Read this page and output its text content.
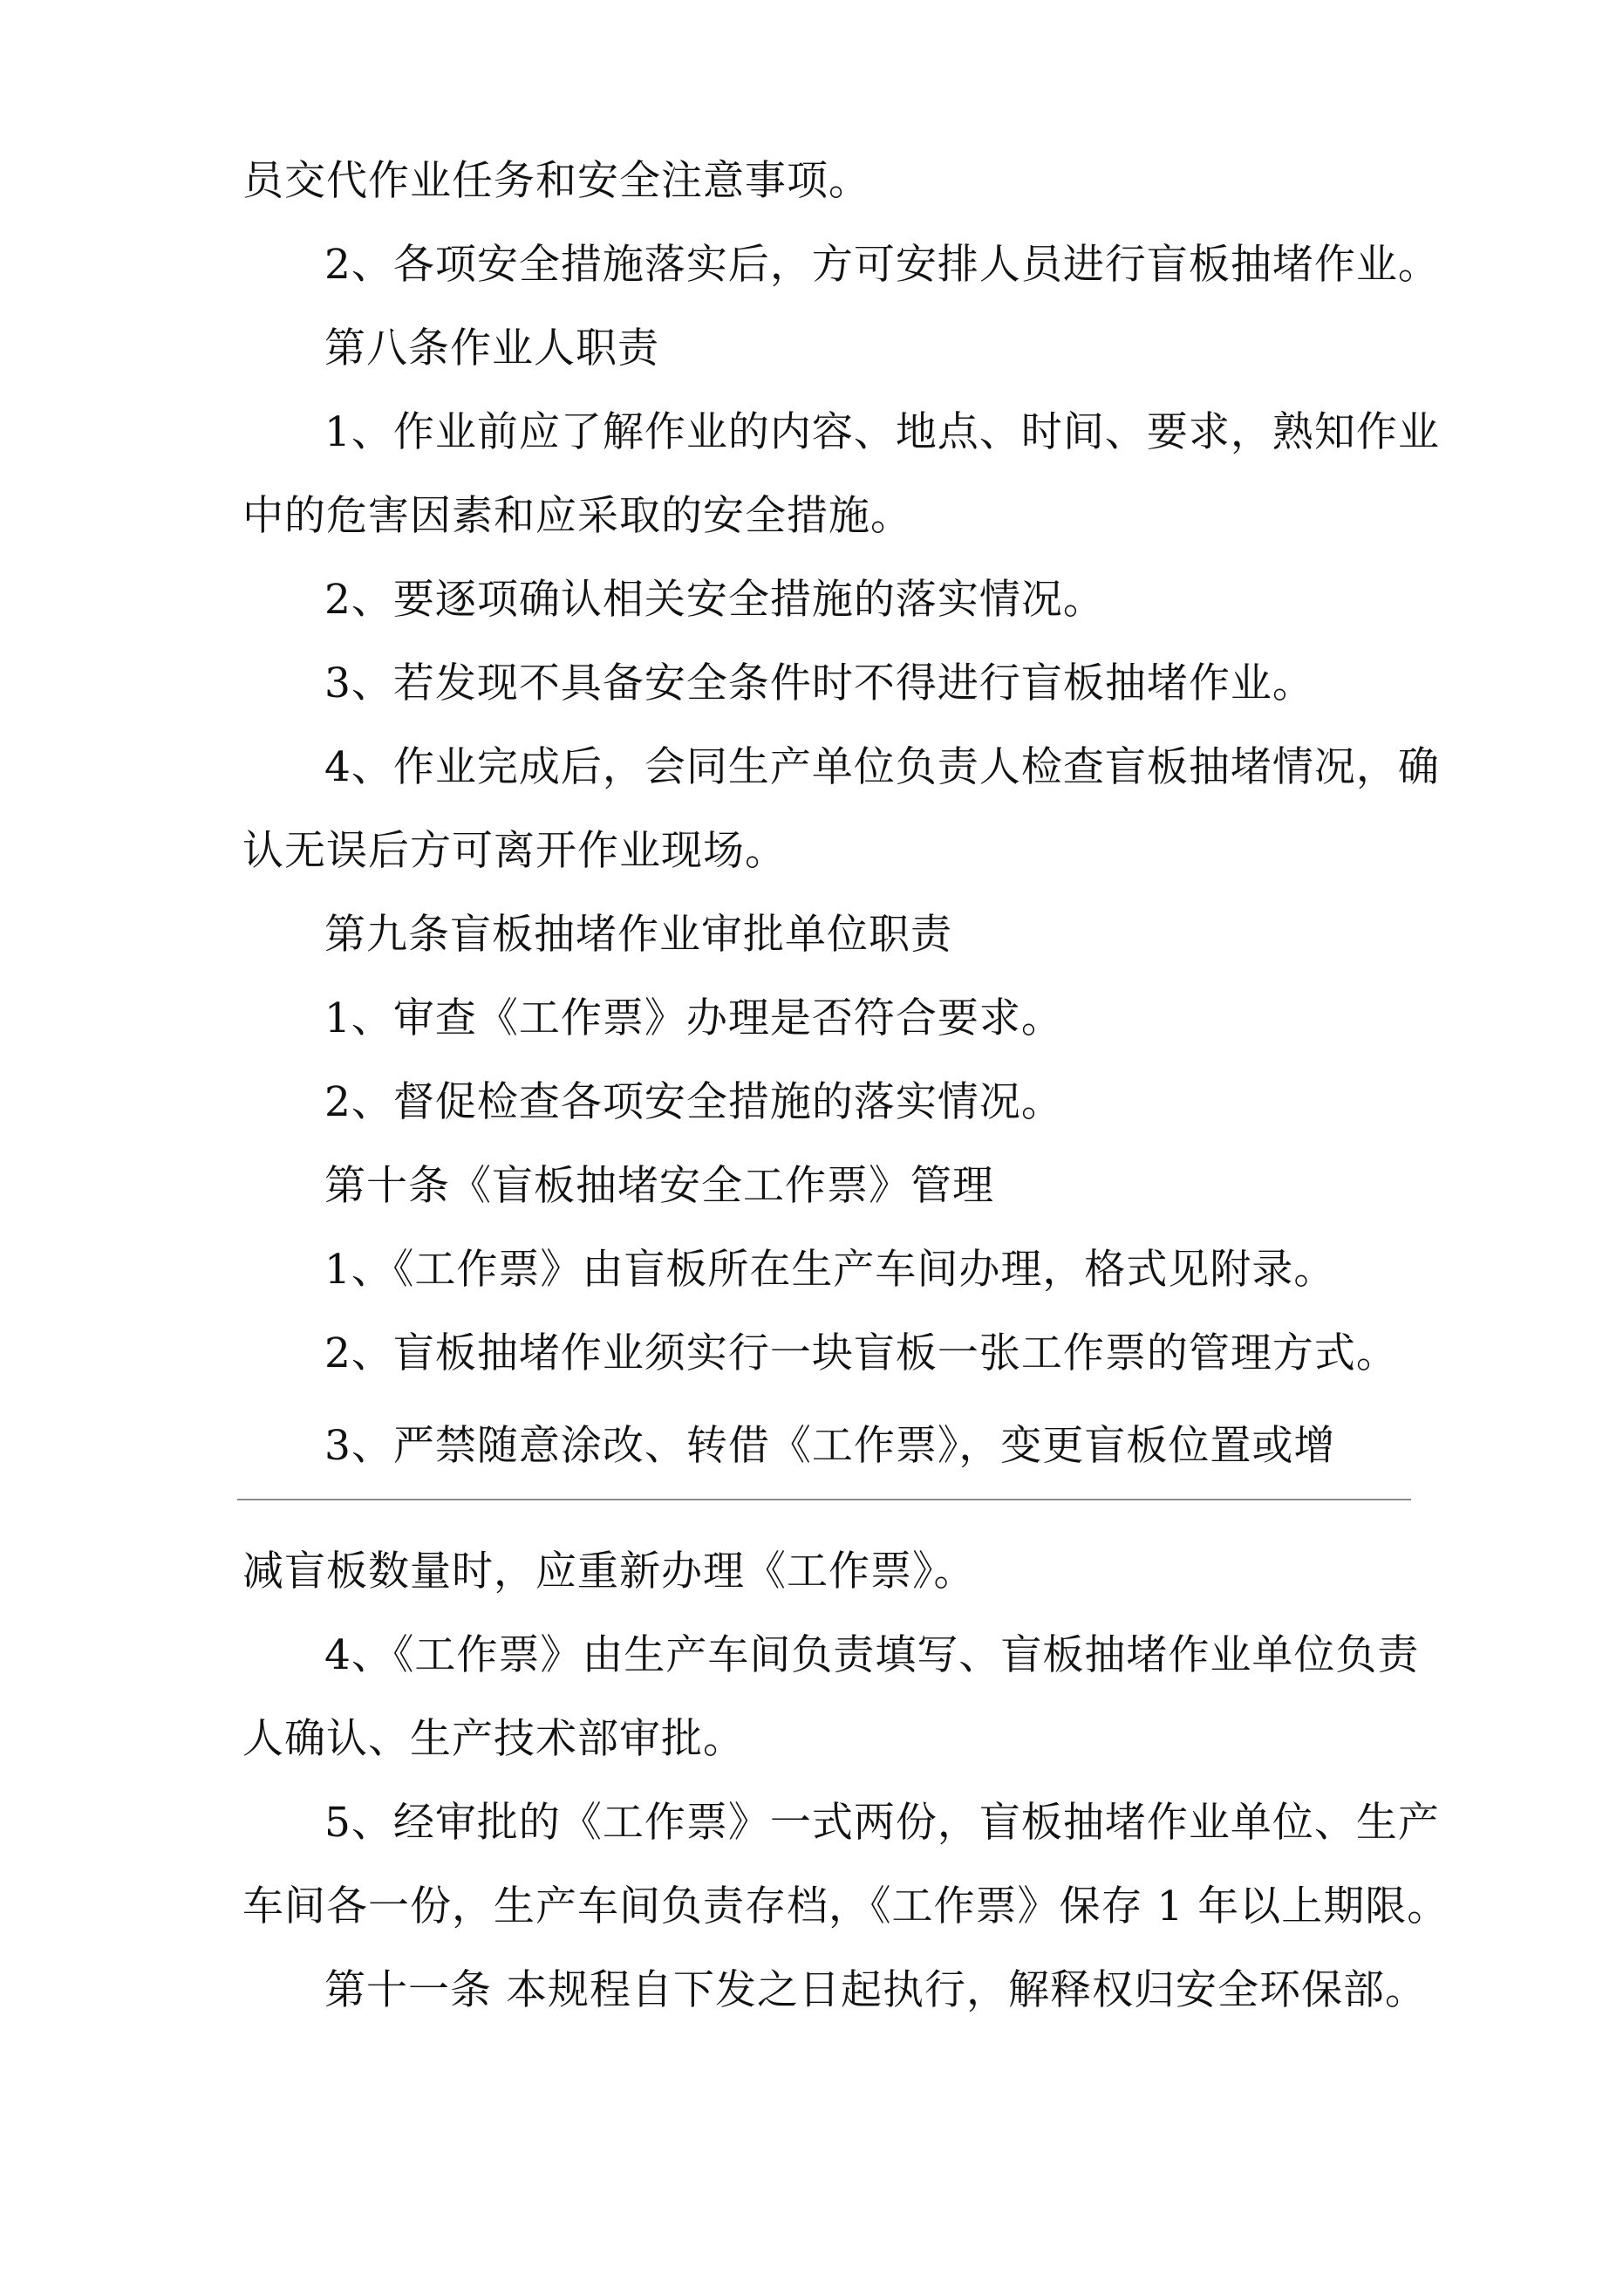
员交代作业任务和安全注意事项。
2、各项安全措施落实后，方可安排人员进行盲板抽堵作业。
第八条作业人职责
1、作业前应了解作业的内容、地点、时间、要求，熟知作业
中的危害因素和应采取的安全措施。
2、要逐项确认相关安全措施的落实情况。
3、若发现不具备安全条件时不得进行盲板抽堵作业。
4、作业完成后，会同生产单位负责人检查盲板抽堵情况，确
认无误后方可离开作业现场。
第九条盲板抽堵作业审批单位职责
1、审查《工作票》办理是否符合要求。
2、督促检查各项安全措施的落实情况。
第十条《盲板抽堵安全工作票》管理
1、《工作票》由盲板所在生产车间办理，格式见附录。
2、盲板抽堵作业须实行一块盲板一张工作票的管理方式。
3、严禁随意涂改、转借《工作票》，变更盲板位置或增
减盲板数量时，应重新办理《工作票》。
4、《工作票》由生产车间负责填写、盲板抽堵作业单位负责
人确认、生产技术部审批。
5、经审批的《工作票》一式两份，盲板抽堵作业单位、生产
车间各一份，生产车间负责存档，《工作票》保存 1 年以上期限。
第十一条 本规程自下发之日起执行，解释权归安全环保部。
